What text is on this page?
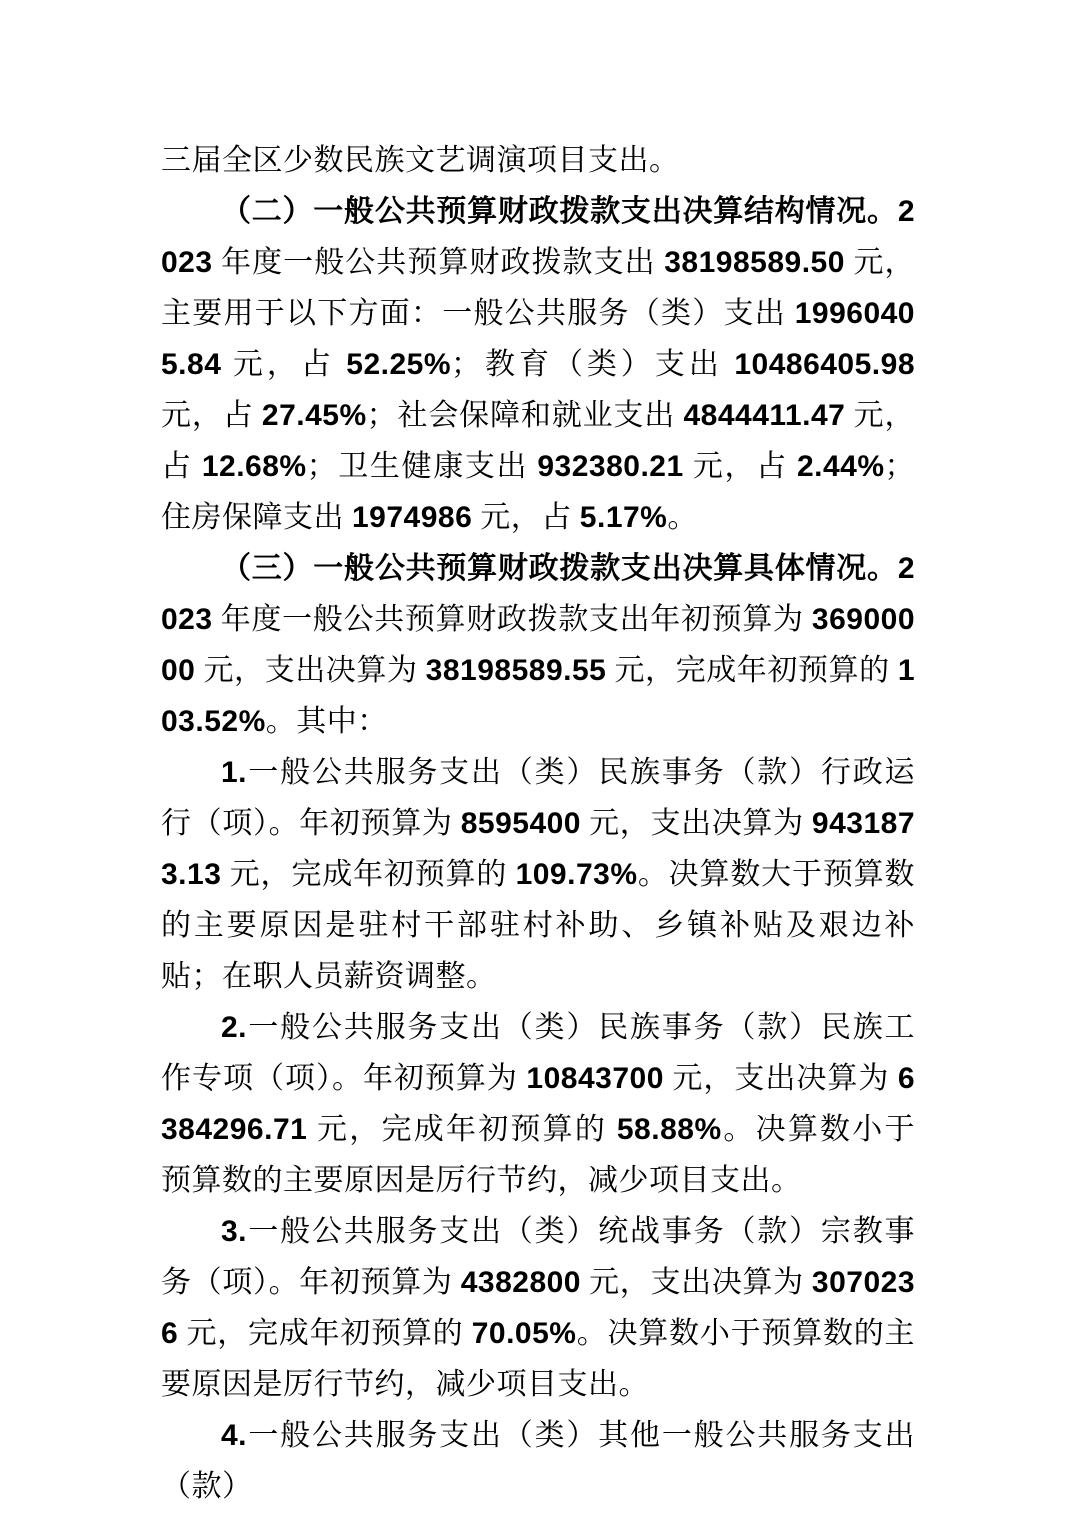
三届全区少数民族文艺调演项目支出。

（二）一般公共预算财政拨款支出决算结构情况。2023 年度一般公共预算财政拨款支出 38198589.50 元，主要用于以下方面：一般公共服务（类）支出 19960405.84 元，占 52.25%；教育（类）支出 10486405.98 元，占 27.45%；社会保障和就业支出 4844411.47 元，占 12.68%；卫生健康支出 932380.21 元，占 2.44%；住房保障支出 1974986 元，占 5.17%。

（三）一般公共预算财政拨款支出决算具体情况。2023 年度一般公共预算财政拨款支出年初预算为 36900000 元，支出决算为 38198589.55 元，完成年初预算的 103.52%。其中：

1.一般公共服务支出（类）民族事务（款）行政运行（项）。年初预算为 8595400 元，支出决算为 9431873.13 元，完成年初预算的 109.73%。决算数大于预算数的主要原因是驻村干部驻村补助、乡镇补贴及艰边补贴；在职人员薪资调整。

2.一般公共服务支出（类）民族事务（款）民族工作专项（项）。年初预算为 10843700 元，支出决算为 6384296.71 元，完成年初预算的 58.88%。决算数小于预算数的主要原因是厉行节约，减少项目支出。

3.一般公共服务支出（类）统战事务（款）宗教事务（项）。年初预算为 4382800 元，支出决算为 3070236 元，完成年初预算的 70.05%。决算数小于预算数的主要原因是厉行节约，减少项目支出。

4.一般公共服务支出（类）其他一般公共服务支出（款）
